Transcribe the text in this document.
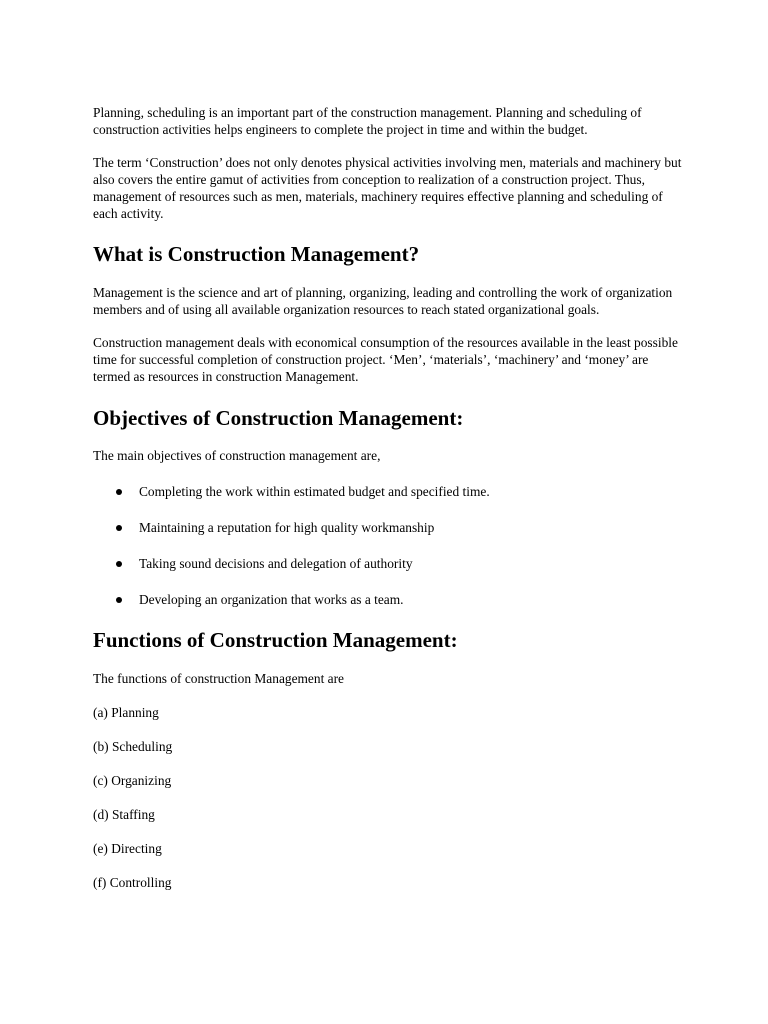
Planning, scheduling is an important part of the construction management. Planning and scheduling of construction activities helps engineers to complete the project in time and within the budget.

The term ‘Construction’ does not only denotes physical activities involving men, materials and machinery but also covers the entire gamut of activities from conception to realization of a construction project. Thus, management of resources such as men, materials, machinery requires effective planning and scheduling of each activity.

What is Construction Management?

Management is the science and art of planning, organizing, leading and controlling the work of organization members and of using all available organization resources to reach stated organizational goals.

Construction management deals with economical consumption of the resources available in the least possible time for successful completion of construction project. ‘Men’, ‘materials’, ‘machinery’ and ‘money’ are termed as resources in construction Management.

Objectives of Construction Management:

The main objectives of construction management are,

Completing the work within estimated budget and specified time.
Maintaining a reputation for high quality workmanship
Taking sound decisions and delegation of authority
Developing an organization that works as a team.
Functions of Construction Management:

The functions of construction Management are

(a) Planning

(b) Scheduling

(c) Organizing

(d) Staffing

(e) Directing

(f) Controlling
